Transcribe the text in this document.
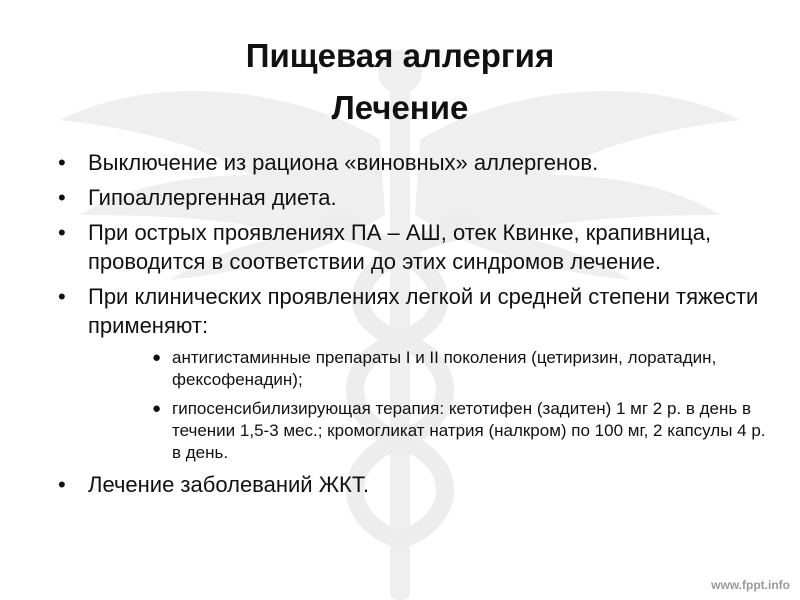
Пищевая аллергия
Лечение
• Выключение из рациона «виновных» аллергенов.
• Гипоаллергенная диета.
• При острых проявлениях ПА – АШ, отек Квинке, крапивница, проводится в соответствии до этих синдромов лечение.
• При клинических проявлениях легкой и средней степени тяжести применяют:
● антигистаминные препараты I и II поколения (цетиризин, лоратадин, фексофенадин);
● гипосенсибилизирующая терапия: кетотифен (задитен) 1 мг 2 р. в день в течении 1,5-3 мес.; кромогликат натрия (налкром) по 100 мг, 2 капсулы 4 р. в день.
• Лечение заболеваний ЖКТ.
www.fppt.info
